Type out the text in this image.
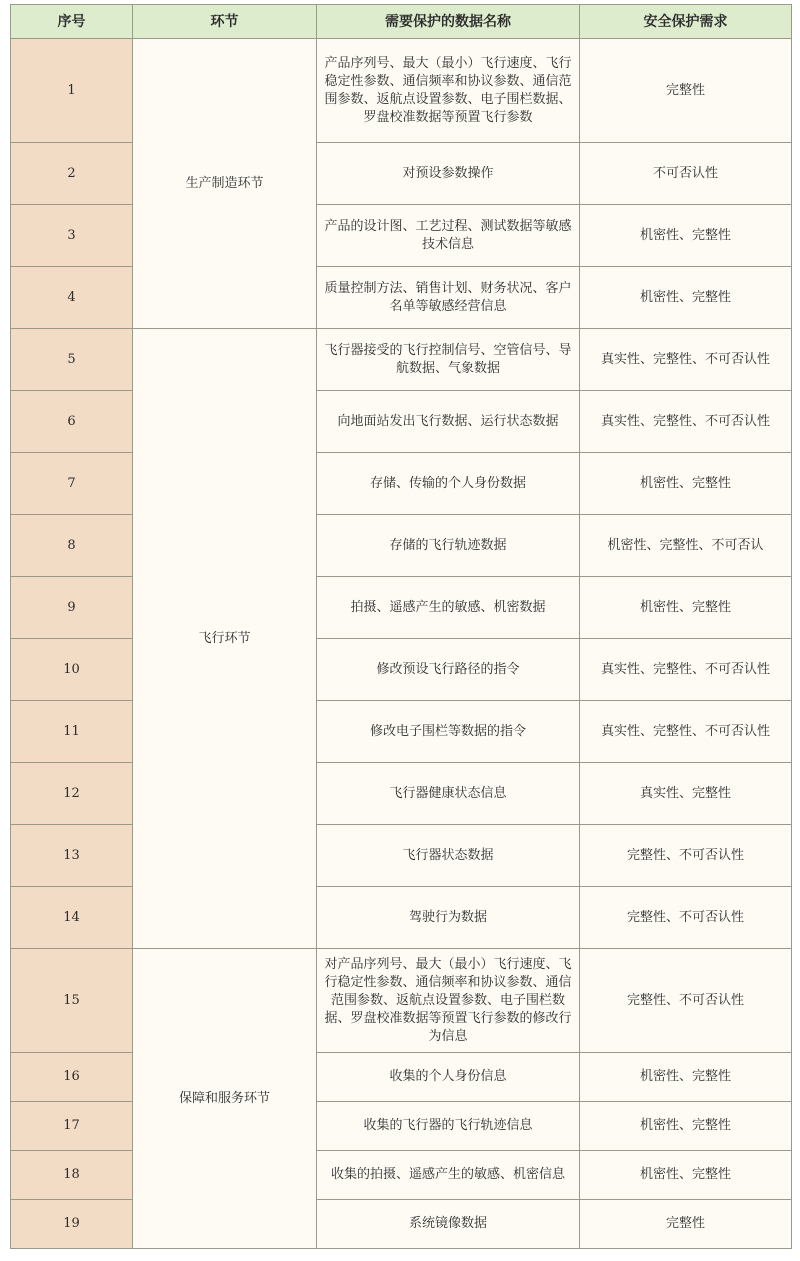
序号	环节	需要保护的数据名称	安全保护需求
1	生产制造环节	产品序列号、最大（最小）飞行速度、飞行稳定性参数、通信频率和协议参数、通信范围参数、返航点设置参数、电子围栏数据、罗盘校准数据等预置飞行参数	完整性
2		对预设参数操作	不可否认性
3		产品的设计图、工艺过程、测试数据等敏感技术信息	机密性、完整性
4		质量控制方法、销售计划、财务状况、客户名单等敏感经营信息	机密性、完整性
5	飞行环节	飞行器接受的飞行控制信号、空管信号、导航数据、气象数据	真实性、完整性、不可否认性
6		向地面站发出飞行数据、运行状态数据	真实性、完整性、不可否认性
7		存储、传输的个人身份数据	机密性、完整性
8		存储的飞行轨迹数据	机密性、完整性、不可否认
9		拍摄、遥感产生的敏感、机密数据	机密性、完整性
10		修改预设飞行路径的指令	真实性、完整性、不可否认性
11		修改电子围栏等数据的指令	真实性、完整性、不可否认性
12		飞行器健康状态信息	真实性、完整性
13		飞行器状态数据	完整性、不可否认性
14		驾驶行为数据	完整性、不可否认性
15	保障和服务环节	对产品序列号、最大（最小）飞行速度、飞行稳定性参数、通信频率和协议参数、通信范围参数、返航点设置参数、电子围栏数据、罗盘校准数据等预置飞行参数的修改行为信息	完整性、不可否认性
16		收集的个人身份信息	机密性、完整性
17		收集的飞行器的飞行轨迹信息	机密性、完整性
18		收集的拍摄、遥感产生的敏感、机密信息	机密性、完整性
19		系统镜像数据	完整性
